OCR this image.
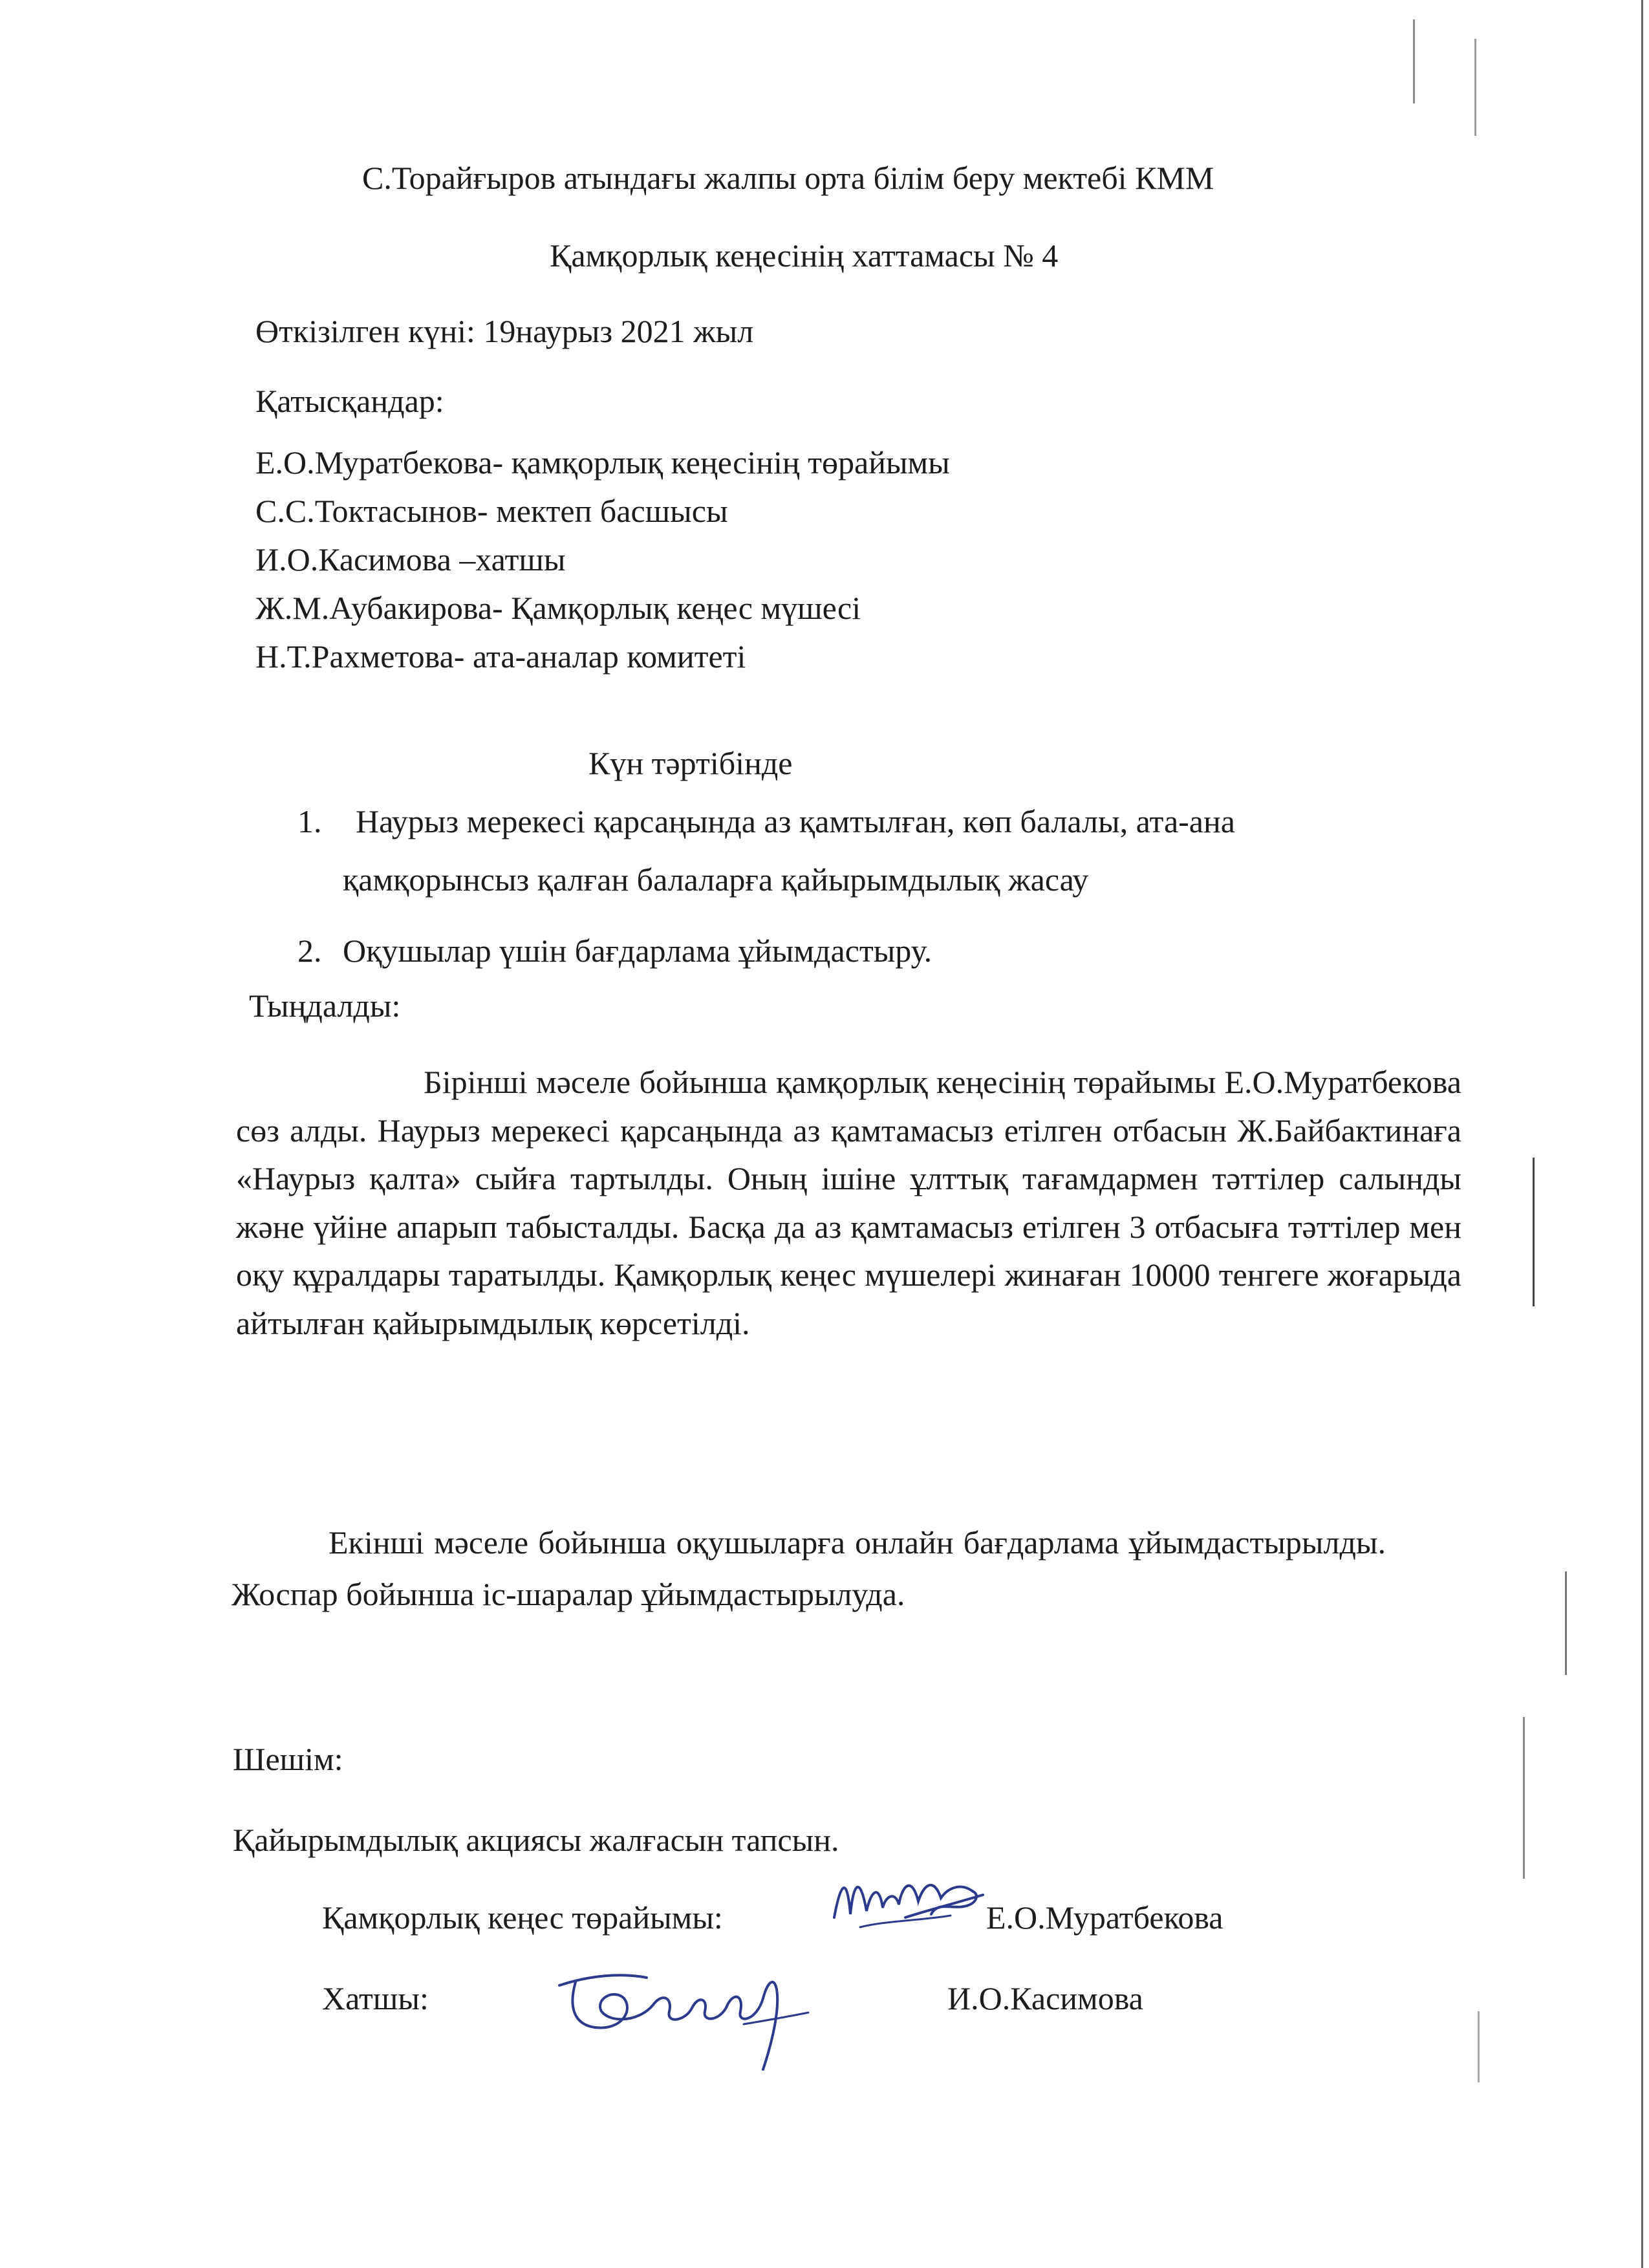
С.Торайғыров атындағы жалпы орта білім беру мектебі КММ
Қамқорлық кеңесінің хаттамасы № 4
Өткізілген күні: 19наурыз 2021 жыл
Қатысқандар:
Е.О.Муратбекова- қамқорлық кеңесінің төрайымы
С.С.Токтасынов- мектеп басшысы
И.О.Касимова –хатшы
Ж.М.Аубакирова- Қамқорлық кеңес мүшесі
Н.Т.Рахметова- ата-аналар комитеті
Күн тәртібінде
1. Наурыз мерекесі қарсаңында аз қамтылған, көп балалы, ата-ана
қамқорынсыз қалған балаларға қайырымдылық жасау
2. Оқушылар үшін бағдарлама ұйымдастыру.
Тыңдалды:
Бірінші мәселе бойынша қамқорлық кеңесінің төрайымы Е.О.Муратбекова сөз алды. Наурыз мерекесі қарсаңында аз қамтамасыз етілген отбасын Ж.Байбактинаға «Наурыз қалта» сыйға тартылды. Оның ішіне ұлттық тағамдармен тәттілер салынды және үйіне апарып табысталды. Басқа да аз қамтамасыз етілген 3 отбасыға тәттілер мен оқу құралдары таратылды. Қамқорлық кеңес мүшелері жинаған 10000 тенгеге жоғарыда айтылған қайырымдылық көрсетілді.
Екінші мәселе бойынша оқушыларға онлайн бағдарлама ұйымдастырылды. Жоспар бойынша іс-шаралар ұйымдастырылуда.
Шешім:
Қайырымдылық акциясы жалғасын тапсын.
Қамқорлық кеңес төрайымы:	Е.О.Муратбекова
Хатшы:	И.О.Касимова
